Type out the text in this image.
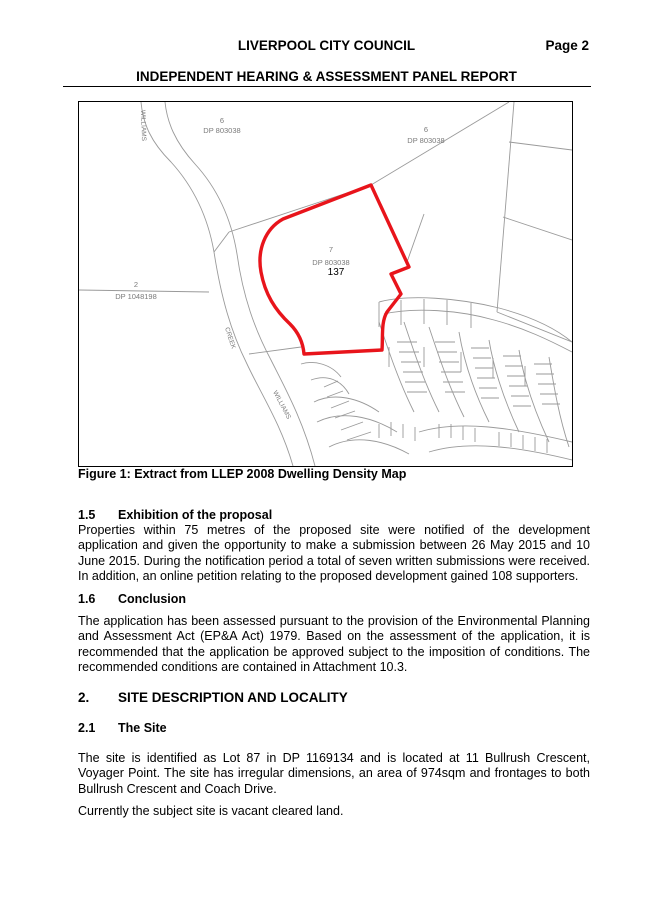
LIVERPOOL CITY COUNCIL	Page 2
INDEPENDENT HEARING & ASSESSMENT PANEL REPORT
6
DP 803038	6
DP 803038
7
DP 803038
2
DP 1048198
WILLIAMS
CREEK
WILLIAMS
137
Figure 1: Extract from LLEP 2008 Dwelling Density Map
1.5 Exhibition of the proposal

Properties within 75 metres of the proposed site were notified of the development application and given the opportunity to make a submission between 26 May 2015 and 10 June 2015. During the notification period a total of seven written submissions were received. In addition, an online petition relating to the proposed development gained 108 supporters.

1.6 Conclusion

The application has been assessed pursuant to the provision of the Environmental Planning and Assessment Act (EP&A Act) 1979. Based on the assessment of the application, it is recommended that the application be approved subject to the imposition of conditions. The recommended conditions are contained in Attachment 10.3.

2. SITE DESCRIPTION AND LOCALITY
2.1 The Site

The site is identified as Lot 87 in DP 1169134 and is located at 11 Bullrush Crescent, Voyager Point. The site has irregular dimensions, an area of 974sqm and frontages to both Bullrush Crescent and Coach Drive.

Currently the subject site is vacant cleared land.
